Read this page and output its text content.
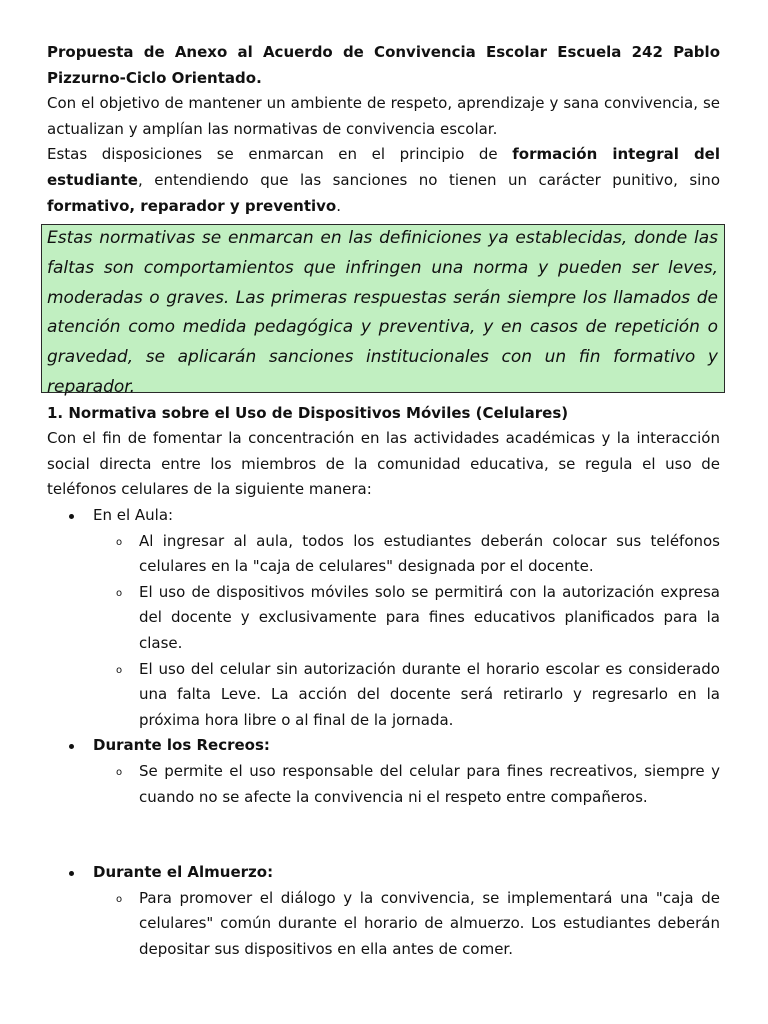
Propuesta de Anexo al Acuerdo de Convivencia Escolar Escuela 242 Pablo Pizzurno-Ciclo Orientado.

Con el objetivo de mantener un ambiente de respeto, aprendizaje y sana convivencia, se actualizan y amplían las normativas de convivencia escolar.

Estas disposiciones se enmarcan en el principio de formación integral del estudiante, entendiendo que las sanciones no tienen un carácter punitivo, sino formativo, reparador y preventivo.

Estas normativas se enmarcan en las definiciones ya establecidas, donde las faltas son comportamientos que infringen una norma y pueden ser leves, moderadas o graves. Las primeras respuestas serán siempre los llamados de atención como medida pedagógica y preventiva, y en casos de repetición o gravedad, se aplicarán sanciones institucionales con un fin formativo y reparador.

1. Normativa sobre el Uso de Dispositivos Móviles (Celulares)

Con el fin de fomentar la concentración en las actividades académicas y la interacción social directa entre los miembros de la comunidad educativa, se regula el uso de teléfonos celulares de la siguiente manera:

En el Aula:
o Al ingresar al aula, todos los estudiantes deberán colocar sus teléfonos celulares en la "caja de celulares" designada por el docente.
o El uso de dispositivos móviles solo se permitirá con la autorización expresa del docente y exclusivamente para fines educativos planificados para la clase.
o El uso del celular sin autorización durante el horario escolar es considerado una falta Leve. La acción del docente será retirarlo y regresarlo en la próxima hora libre o al final de la jornada.
Durante los Recreos:
o Se permite el uso responsable del celular para fines recreativos, siempre y cuando no se afecte la convivencia ni el respeto entre compañeros.
Durante el Almuerzo:
o Para promover el diálogo y la convivencia, se implementará una "caja de celulares" común durante el horario de almuerzo. Los estudiantes deberán depositar sus dispositivos en ella antes de comer.
